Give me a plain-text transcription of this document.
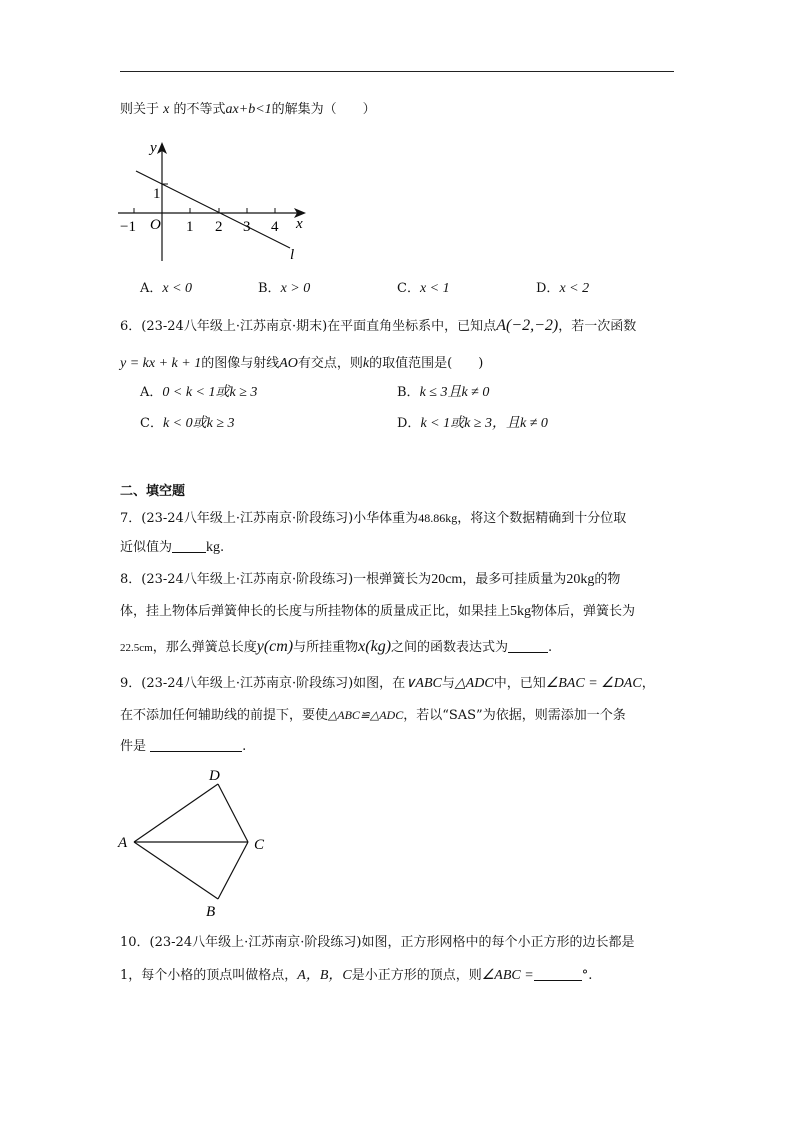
则关于 x 的不等式ax+b<1的解集为（　　）
y
x
O
1
−1	1 2 3 4
l
A．x < 0	B．x > 0	C．x < 1	D．x < 2
6．(23-24八年级上·江苏南京·期末)在平面直角坐标系中，已知点A(−2,−2)，若一次函数
y = kx + k + 1的图像与射线AO有交点，则k的取值范围是(　　)
A．0 < k < 1或k ≥ 3	B．k ≤ 3且k ≠ 0
C．k < 0或k ≥ 3	D．k < 1或k ≥ 3，且k ≠ 0
二、填空题
7．(23-24八年级上·江苏南京·阶段练习)小华体重为48.86kg，将这个数据精确到十分位取
近似值为 kg.
8．(23-24八年级上·江苏南京·阶段练习)一根弹簧长为20cm，最多可挂质量为20kg的物
体，挂上物体后弹簧伸长的长度与所挂物体的质量成正比，如果挂上5kg物体后，弹簧长为
22.5cm，那么弹簧总长度y(cm)与所挂重物x(kg)之间的函数表达式为	.
9．(23-24八年级上·江苏南京·阶段练习)如图，在∨ABC与△ADC中，已知∠BAC = ∠DAC，
在不添加任何辅助线的前提下，要使△ABC≌△ADC，若以“SAS”为依据，则需添加一个条
件是	.
D
A	C
B
10．(23-24八年级上·江苏南京·阶段练习)如图，正方形网格中的每个小正方形的边长都是
1，每个小格的顶点叫做格点，A，B，C是小正方形的顶点，则∠ABC =	°.
